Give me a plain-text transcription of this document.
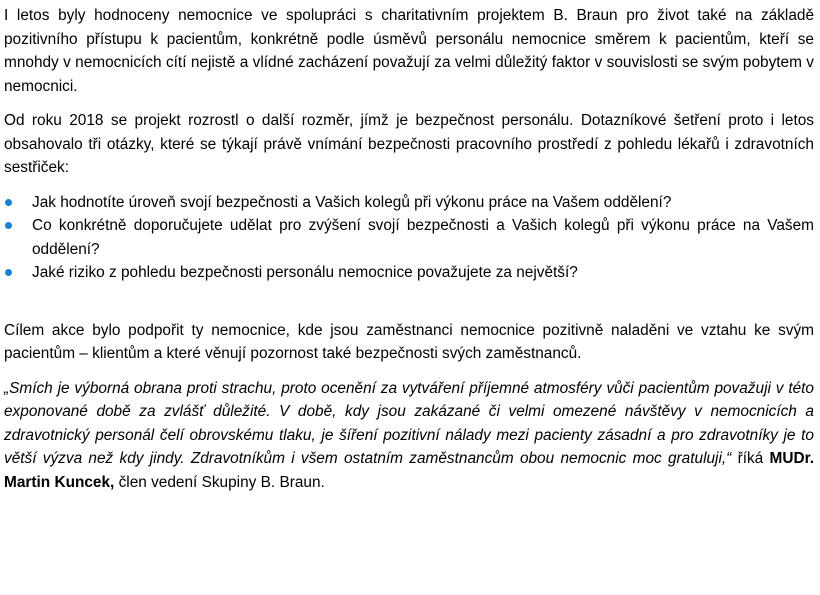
I letos byly hodnoceny nemocnice ve spolupráci s charitativním projektem B. Braun pro život také na základě pozitivního přístupu k pacientům, konkrétně podle úsměvů personálu nemocnice směrem k pacientům, kteří se mnohdy v nemocnicích cítí nejistě a vlídné zacházení považují za velmi důležitý faktor v souvislosti se svým pobytem v nemocnici.

Od roku 2018 se projekt rozrostl o další rozměr, jímž je bezpečnost personálu. Dotazníkové šetření proto i letos obsahovalo tři otázky, které se týkají právě vnímání bezpečnosti pracovního prostředí z pohledu lékařů i zdravotních sestřiček:

Jak hodnotíte úroveň svojí bezpečnosti a Vašich kolegů při výkonu práce na Vašem oddělení?
Co konkrétně doporučujete udělat pro zvýšení svojí bezpečnosti a Vašich kolegů při výkonu práce na Vašem oddělení?
Jaké riziko z pohledu bezpečnosti personálu nemocnice považujete za největší?

Cílem akce bylo podpořit ty nemocnice, kde jsou zaměstnanci nemocnice pozitivně naladěni ve vztahu ke svým pacientům – klientům a které věnují pozornost také bezpečnosti svých zaměstnanců.

„Smích je výborná obrana proti strachu, proto ocenění za vytváření příjemné atmosféry vůči pacientům považuji v této exponované době za zvlášť důležité. V době, kdy jsou zakázané či velmi omezené návštěvy v nemocnicích a zdravotnický personál čelí obrovskému tlaku, je šíření pozitivní nálady mezi pacienty zásadní a pro zdravotníky je to větší výzva než kdy jindy. Zdravotníkům i všem ostatním zaměstnancům obou nemocnic moc gratuluji,“ říká MUDr. Martin Kuncek, člen vedení Skupiny B. Braun.
